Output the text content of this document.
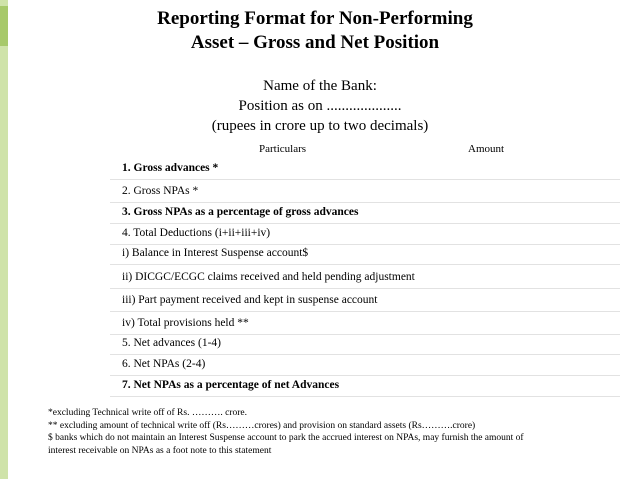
Reporting Format for Non-Performing
Asset – Gross and Net Position
Name of the Bank:
Position as on ....................
(rupees in crore up to two decimals)
Particulars	Amount
1. Gross advances *
2. Gross NPAs *
3. Gross NPAs as a percentage of gross advances
4. Total Deductions (i+ii+iii+iv)
i) Balance in Interest Suspense account$
ii) DICGC/ECGC claims received and held pending adjustment
iii) Part payment received and kept in suspense account
iv) Total provisions held **
5. Net advances (1-4)
6. Net NPAs (2-4)
7. Net NPAs as a percentage of net Advances
*excluding Technical write off of Rs. ………. crore.
** excluding amount of technical write off (Rs………crores) and provision on standard assets (Rs……….crore)
$ banks which do not maintain an Interest Suspense account to park the accrued interest on NPAs, may furnish the amount of
interest receivable on NPAs as a foot note to this statement
